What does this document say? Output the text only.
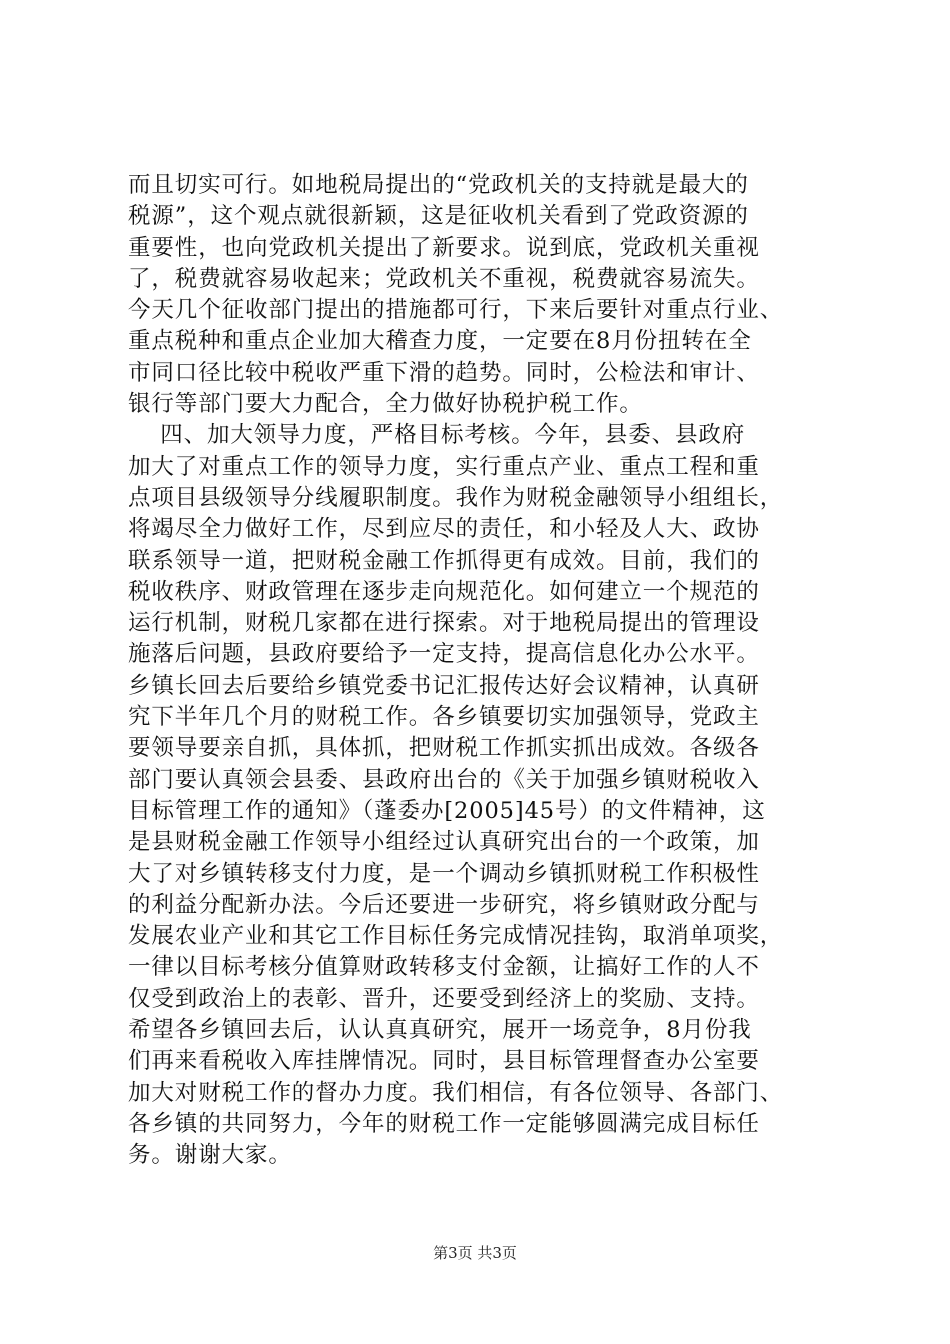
而且切实可行。如地税局提出的“党政机关的支持就是最大的
税源”，这个观点就很新颖，这是征收机关看到了党政资源的
重要性，也向党政机关提出了新要求。说到底，党政机关重视
了，税费就容易收起来；党政机关不重视，税费就容易流失。
今天几个征收部门提出的措施都可行，下来后要针对重点行业、
重点税种和重点企业加大稽查力度，一定要在8月份扭转在全
市同口径比较中税收严重下滑的趋势。同时，公检法和审计、
银行等部门要大力配合，全力做好协税护税工作。
四、加大领导力度，严格目标考核。今年，县委、县政府
加大了对重点工作的领导力度，实行重点产业、重点工程和重
点项目县级领导分线履职制度。我作为财税金融领导小组组长，
将竭尽全力做好工作，尽到应尽的责任，和小轻及人大、政协
联系领导一道，把财税金融工作抓得更有成效。目前，我们的
税收秩序、财政管理在逐步走向规范化。如何建立一个规范的
运行机制，财税几家都在进行探索。对于地税局提出的管理设
施落后问题，县政府要给予一定支持，提高信息化办公水平。
乡镇长回去后要给乡镇党委书记汇报传达好会议精神，认真研
究下半年几个月的财税工作。各乡镇要切实加强领导，党政主
要领导要亲自抓，具体抓，把财税工作抓实抓出成效。各级各
部门要认真领会县委、县政府出台的《关于加强乡镇财税收入
目标管理工作的通知》（蓬委办[2005]45号）的文件精神，这
是县财税金融工作领导小组经过认真研究出台的一个政策，加
大了对乡镇转移支付力度，是一个调动乡镇抓财税工作积极性
的利益分配新办法。今后还要进一步研究，将乡镇财政分配与
发展农业产业和其它工作目标任务完成情况挂钩，取消单项奖，
一律以目标考核分值算财政转移支付金额，让搞好工作的人不
仅受到政治上的表彰、晋升，还要受到经济上的奖励、支持。
希望各乡镇回去后，认认真真研究，展开一场竞争，8月份我
们再来看税收入库挂牌情况。同时，县目标管理督查办公室要
加大对财税工作的督办力度。我们相信，有各位领导、各部门、
各乡镇的共同努力，今年的财税工作一定能够圆满完成目标任
务。谢谢大家。
第3页 共3页
